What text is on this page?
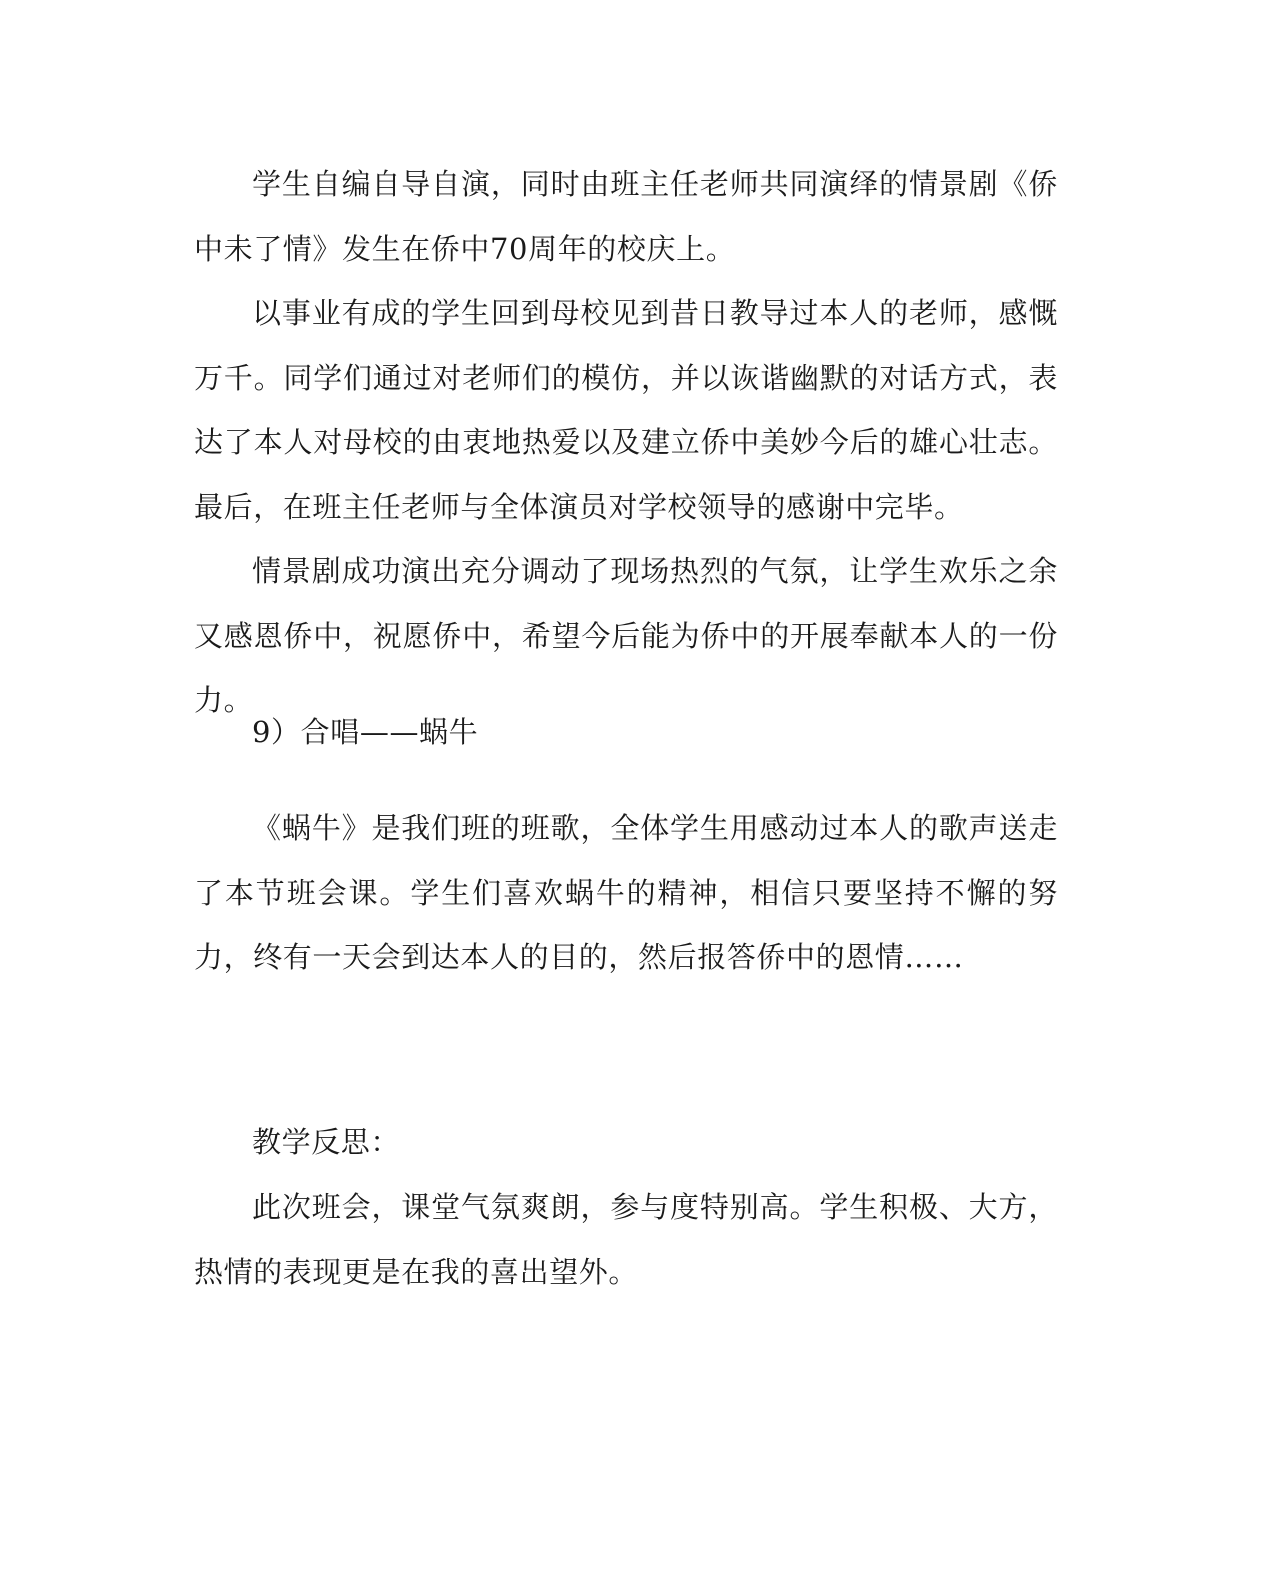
学生自编自导自演，同时由班主任老师共同演绎的情景剧《侨中未了情》发生在侨中70周年的校庆上。

以事业有成的学生回到母校见到昔日教导过本人的老师，感慨万千。同学们通过对老师们的模仿，并以诙谐幽默的对话方式，表达了本人对母校的由衷地热爱以及建立侨中美妙今后的雄心壮志。最后，在班主任老师与全体演员对学校领导的感谢中完毕。

情景剧成功演出充分调动了现场热烈的气氛，让学生欢乐之余又感恩侨中，祝愿侨中，希望今后能为侨中的开展奉献本人的一份力。

9）合唱——蜗牛

《蜗牛》是我们班的班歌，全体学生用感动过本人的歌声送走了本节班会课。学生们喜欢蜗牛的精神，相信只要坚持不懈的努力，终有一天会到达本人的目的，然后报答侨中的恩情……

教学反思：

此次班会，课堂气氛爽朗，参与度特别高。学生积极、大方，热情的表现更是在我的喜出望外。
